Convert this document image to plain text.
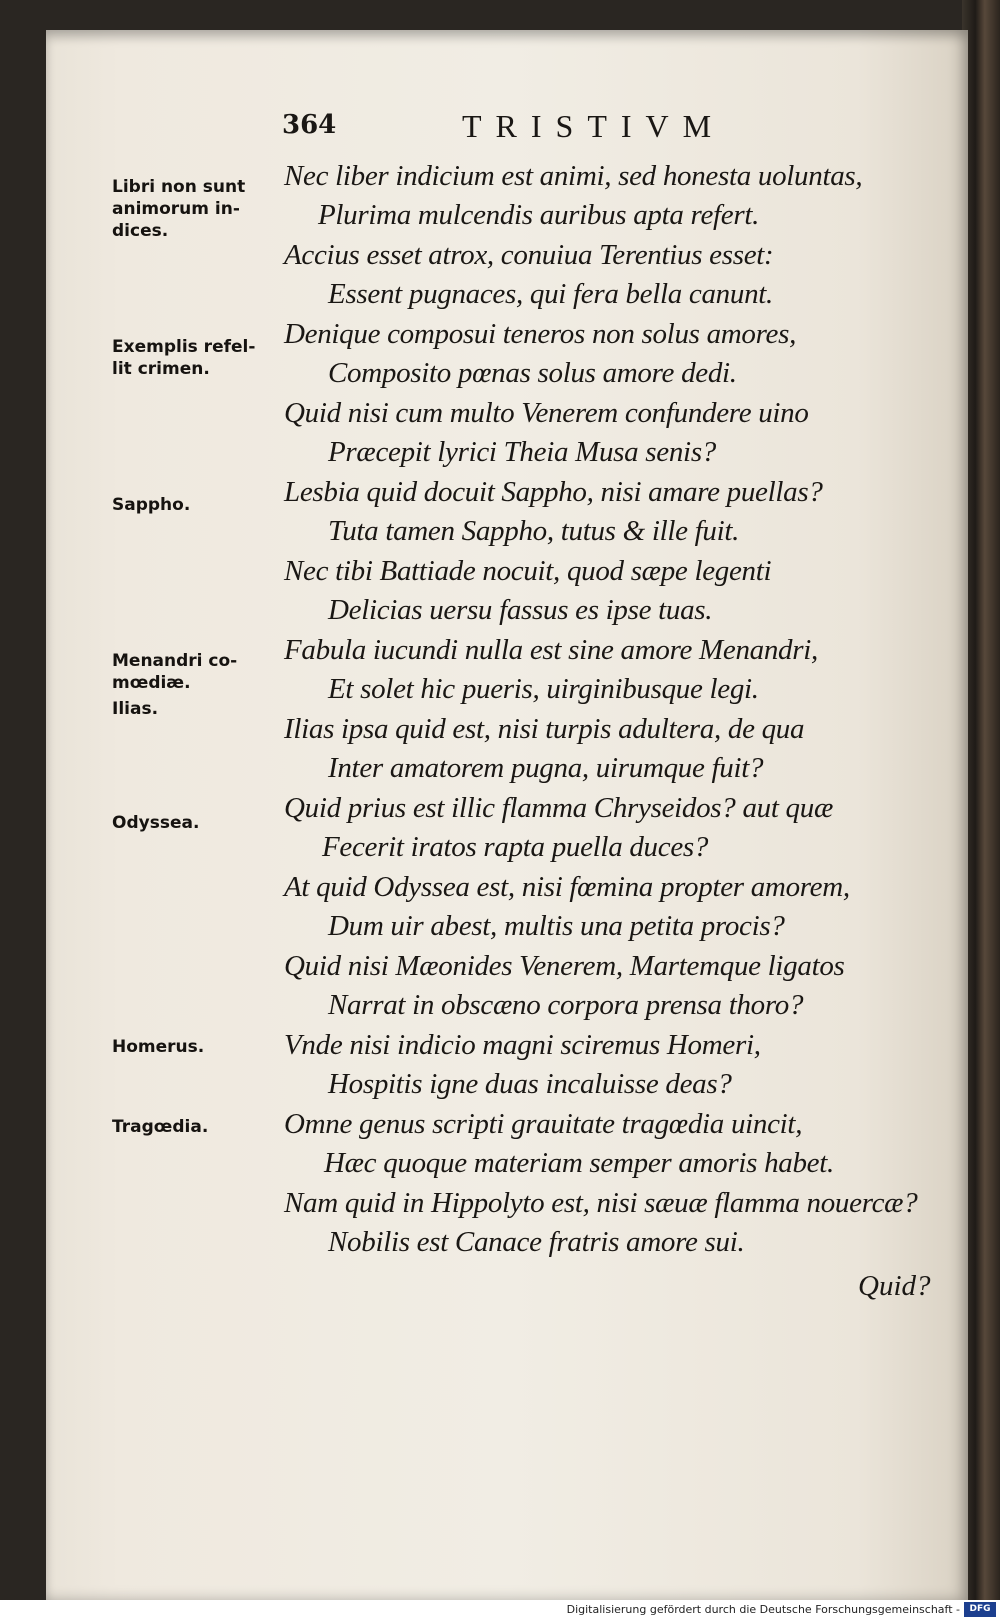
364	TRISTIVM
Libri non sunt
animorum in-
dices.
Exemplis refel-
lit crimen.
Sappho.
Menandri co-
mœdiæ.
Ilias.
Odyssea.
Homerus.
Tragœdia.
Nec liber indicium est animi, sed honesta uoluntas,
Plurima mulcendis auribus apta refert.
Accius esset atrox, conuiua Terentius esset:
Essent pugnaces, qui fera bella canunt.
Denique composui teneros non solus amores,
Composito pœnas solus amore dedi.
Quid nisi cum multo Venerem confundere uino
Præcepit lyrici Theia Musa senis?
Lesbia quid docuit Sappho, nisi amare puellas?
Tuta tamen Sappho, tutus & ille fuit.
Nec tibi Battiade nocuit, quod sæpe legenti
Delicias uersu fassus es ipse tuas.
Fabula iucundi nulla est sine amore Menandri,
Et solet hic pueris, uirginibusque legi.
Ilias ipsa quid est, nisi turpis adultera, de qua
Inter amatorem pugna, uirumque fuit?
Quid prius est illic flamma Chryseidos? aut quæ
Fecerit iratos rapta puella duces?
At quid Odyssea est, nisi fœmina propter amorem,
Dum uir abest, multis una petita procis?
Quid nisi Mæonides Venerem, Martemque ligatos
Narrat in obscæno corpora prensa thoro?
Vnde nisi indicio magni sciremus Homeri,
Hospitis igne duas incaluisse deas?
Omne genus scripti grauitate tragœdia uincit,
Hæc quoque materiam semper amoris habet.
Nam quid in Hippolyto est, nisi sæuæ flamma nouercæ?
Nobilis est Canace fratris amore sui.
Quid?
Digitalisierung gefördert durch die Deutsche Forschungsgemeinschaft -	DFG
